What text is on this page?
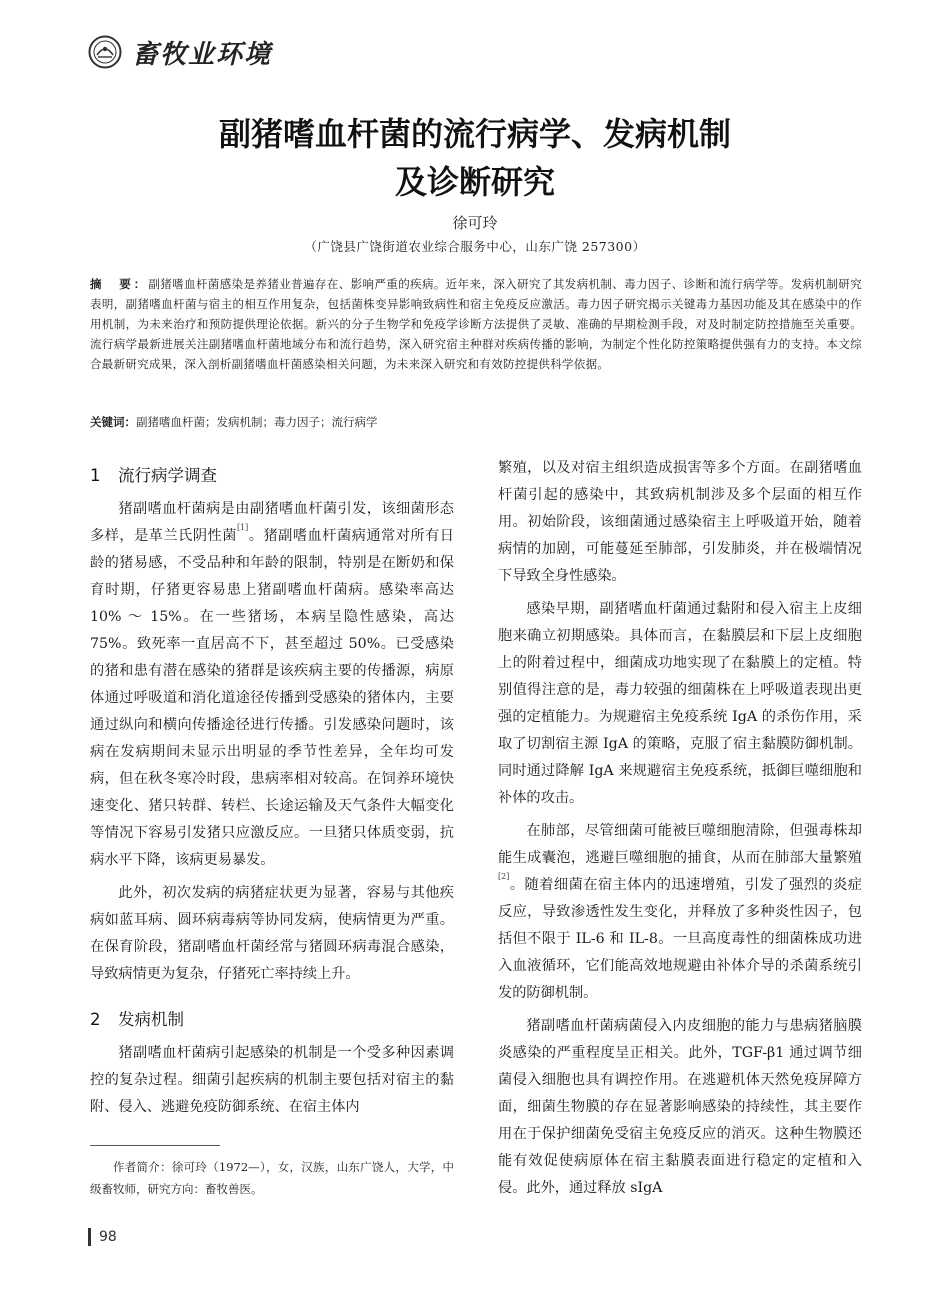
畜牧业环境
副猪嗜血杆菌的流行病学、发病机制
及诊断研究
徐可玲
（广饶县广饶街道农业综合服务中心，山东广饶 257300）
摘　要：副猪嗜血杆菌感染是养猪业普遍存在、影响严重的疾病。近年来，深入研究了其发病机制、毒力因子、诊断和流行病学等。发病机制研究表明，副猪嗜血杆菌与宿主的相互作用复杂，包括菌株变异影响致病性和宿主免疫反应激活。毒力因子研究揭示关键毒力基因功能及其在感染中的作用机制，为未来治疗和预防提供理论依据。新兴的分子生物学和免疫学诊断方法提供了灵敏、准确的早期检测手段，对及时制定防控措施至关重要。流行病学最新进展关注副猪嗜血杆菌地域分布和流行趋势，深入研究宿主种群对疾病传播的影响，为制定个性化防控策略提供强有力的支持。本文综合最新研究成果，深入剖析副猪嗜血杆菌感染相关问题，为未来深入研究和有效防控提供科学依据。
关键词：副猪嗜血杆菌；发病机制；毒力因子；流行病学
1 流行病学调查

猪副嗜血杆菌病是由副猪嗜血杆菌引发，该细菌形态多样，是革兰氏阴性菌[1]。猪副嗜血杆菌病通常对所有日龄的猪易感，不受品种和年龄的限制，特别是在断奶和保育时期，仔猪更容易患上猪副嗜血杆菌病。感染率高达 10% ～ 15%。在一些猪场，本病呈隐性感染，高达 75%。致死率一直居高不下，甚至超过 50%。已受感染的猪和患有潜在感染的猪群是该疾病主要的传播源，病原体通过呼吸道和消化道途径传播到受感染的猪体内，主要通过纵向和横向传播途径进行传播。引发感染问题时，该病在发病期间未显示出明显的季节性差异，全年均可发病，但在秋冬寒冷时段，患病率相对较高。在饲养环境快速变化、猪只转群、转栏、长途运输及天气条件大幅变化等情况下容易引发猪只应激反应。一旦猪只体质变弱，抗病水平下降，该病更易暴发。

此外，初次发病的病猪症状更为显著，容易与其他疾病如蓝耳病、圆环病毒病等协同发病，使病情更为严重。在保育阶段，猪副嗜血杆菌经常与猪圆环病毒混合感染，导致病情更为复杂，仔猪死亡率持续上升。

2 发病机制

猪副嗜血杆菌病引起感染的机制是一个受多种因素调控的复杂过程。细菌引起疾病的机制主要包括对宿主的黏附、侵入、逃避免疫防御系统、在宿主体内

繁殖，以及对宿主组织造成损害等多个方面。在副猪嗜血杆菌引起的感染中，其致病机制涉及多个层面的相互作用。初始阶段，该细菌通过感染宿主上呼吸道开始，随着病情的加剧，可能蔓延至肺部，引发肺炎，并在极端情况下导致全身性感染。

感染早期，副猪嗜血杆菌通过黏附和侵入宿主上皮细胞来确立初期感染。具体而言，在黏膜层和下层上皮细胞上的附着过程中，细菌成功地实现了在黏膜上的定植。特别值得注意的是，毒力较强的细菌株在上呼吸道表现出更强的定植能力。为规避宿主免疫系统 IgA 的杀伤作用，采取了切割宿主源 IgA 的策略，克服了宿主黏膜防御机制。同时通过降解 IgA 来规避宿主免疫系统，抵御巨噬细胞和补体的攻击。

在肺部，尽管细菌可能被巨噬细胞清除，但强毒株却能生成囊泡，逃避巨噬细胞的捕食，从而在肺部大量繁殖[2]。随着细菌在宿主体内的迅速增殖，引发了强烈的炎症反应，导致渗透性发生变化，并释放了多种炎性因子，包括但不限于 IL-6 和 IL-8。一旦高度毒性的细菌株成功进入血液循环，它们能高效地规避由补体介导的杀菌系统引发的防御机制。

猪副嗜血杆菌病菌侵入内皮细胞的能力与患病猪脑膜炎感染的严重程度呈正相关。此外，TGF-β1 通过调节细菌侵入细胞也具有调控作用。在逃避机体天然免疫屏障方面，细菌生物膜的存在显著影响感染的持续性，其主要作用在于保护细菌免受宿主免疫反应的消灭。这种生物膜还能有效促使病原体在宿主黏膜表面进行稳定的定植和入侵。此外，通过释放 sIgA

作者简介：徐可玲（1972—），女，汉族，山东广饶人，大学，中级畜牧师，研究方向：畜牧兽医。
98
